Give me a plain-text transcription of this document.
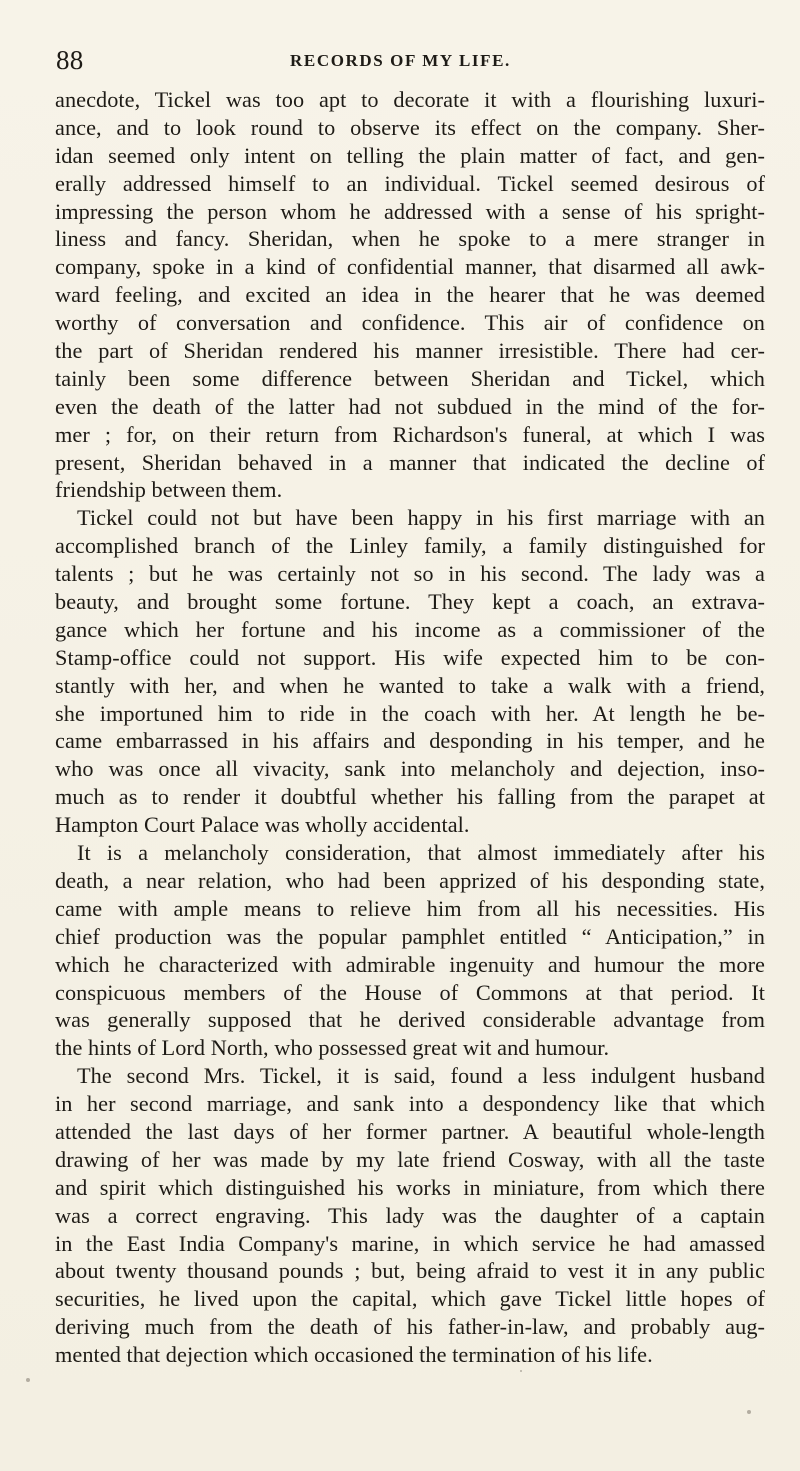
88	RECORDS OF MY LIFE.
anecdote, Tickel was too apt to decorate it with a flourishing luxuri-
ance, and to look round to observe its effect on the company. Sher-
idan seemed only intent on telling the plain matter of fact, and gen-
erally addressed himself to an individual. Tickel seemed desirous of
impressing the person whom he addressed with a sense of his spright-
liness and fancy. Sheridan, when he spoke to a mere stranger in
company, spoke in a kind of confidential manner, that disarmed all awk-
ward feeling, and excited an idea in the hearer that he was deemed
worthy of conversation and confidence. This air of confidence on
the part of Sheridan rendered his manner irresistible. There had cer-
tainly been some difference between Sheridan and Tickel, which
even the death of the latter had not subdued in the mind of the for-
mer ; for, on their return from Richardson's funeral, at which I was
present, Sheridan behaved in a manner that indicated the decline of
friendship between them.
Tickel could not but have been happy in his first marriage with an
accomplished branch of the Linley family, a family distinguished for
talents ; but he was certainly not so in his second. The lady was a
beauty, and brought some fortune. They kept a coach, an extrava-
gance which her fortune and his income as a commissioner of the
Stamp-office could not support. His wife expected him to be con-
stantly with her, and when he wanted to take a walk with a friend,
she importuned him to ride in the coach with her. At length he be-
came embarrassed in his affairs and desponding in his temper, and he
who was once all vivacity, sank into melancholy and dejection, inso-
much as to render it doubtful whether his falling from the parapet at
Hampton Court Palace was wholly accidental.
It is a melancholy consideration, that almost immediately after his
death, a near relation, who had been apprized of his desponding state,
came with ample means to relieve him from all his necessities. His
chief production was the popular pamphlet entitled “ Anticipation,” in
which he characterized with admirable ingenuity and humour the more
conspicuous members of the House of Commons at that period. It
was generally supposed that he derived considerable advantage from
the hints of Lord North, who possessed great wit and humour.
The second Mrs. Tickel, it is said, found a less indulgent husband
in her second marriage, and sank into a despondency like that which
attended the last days of her former partner. A beautiful whole-length
drawing of her was made by my late friend Cosway, with all the taste
and spirit which distinguished his works in miniature, from which there
was a correct engraving. This lady was the daughter of a captain
in the East India Company's marine, in which service he had amassed
about twenty thousand pounds ; but, being afraid to vest it in any public
securities, he lived upon the capital, which gave Tickel little hopes of
deriving much from the death of his father-in-law, and probably aug-
mented that dejection which occasioned the termination of his life.
